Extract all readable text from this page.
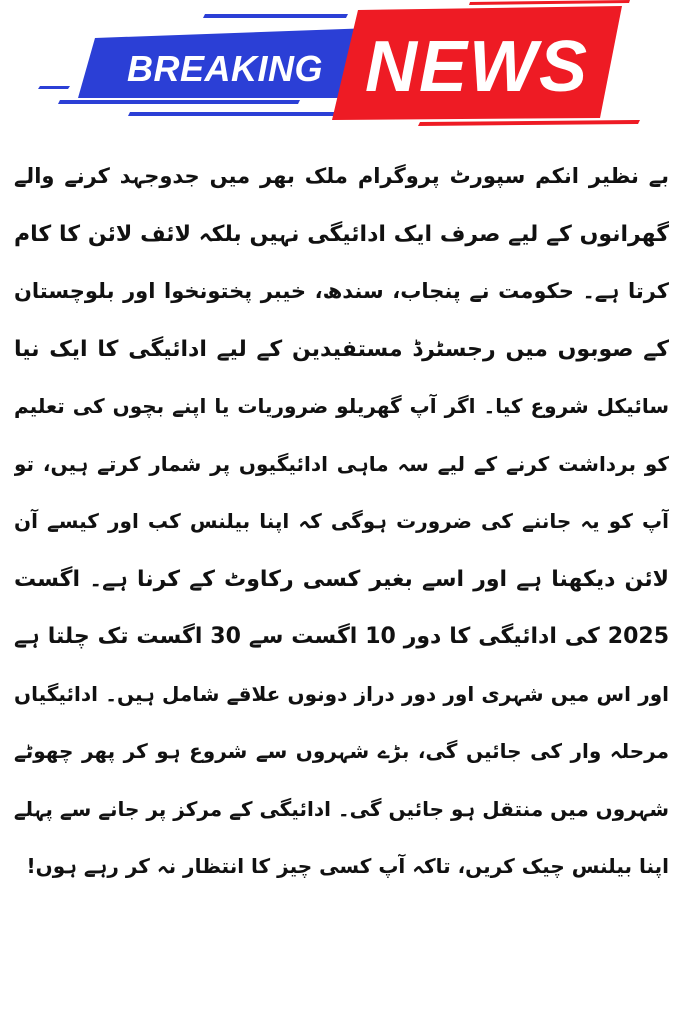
BREAKING NEWS
بے نظیر انکم سپورٹ پروگرام ملک بھر میں جدوجہد کرنے والے
گھرانوں کے لیے صرف ایک ادائیگی نہیں بلکہ لائف لائن کا کام
کرتا ہے۔ حکومت نے پنجاب، سندھ، خیبر پختونخوا اور بلوچستان
کے صوبوں میں رجسٹرڈ مستفیدین کے لیے ادائیگی کا ایک نیا
سائیکل شروع کیا۔ اگر آپ گھریلو ضروریات یا اپنے بچوں کی تعلیم
کو برداشت کرنے کے لیے سہ ماہی ادائیگیوں پر شمار کرتے ہیں، تو
آپ کو یہ جاننے کی ضرورت ہوگی کہ اپنا بیلنس کب اور کیسے آن
لائن دیکھنا ہے اور اسے بغیر کسی رکاوٹ کے کرنا ہے۔ اگست
2025 کی ادائیگی کا دور 10 اگست سے 30 اگست تک چلتا ہے
اور اس میں شہری اور دور دراز دونوں علاقے شامل ہیں۔ ادائیگیاں
مرحلہ وار کی جائیں گی، بڑے شہروں سے شروع ہو کر پھر چھوٹے
شہروں میں منتقل ہو جائیں گی۔ ادائیگی کے مرکز پر جانے سے پہلے
اپنا بیلنس چیک کریں، تاکہ آپ کسی چیز کا انتظار نہ کر رہے ہوں!
